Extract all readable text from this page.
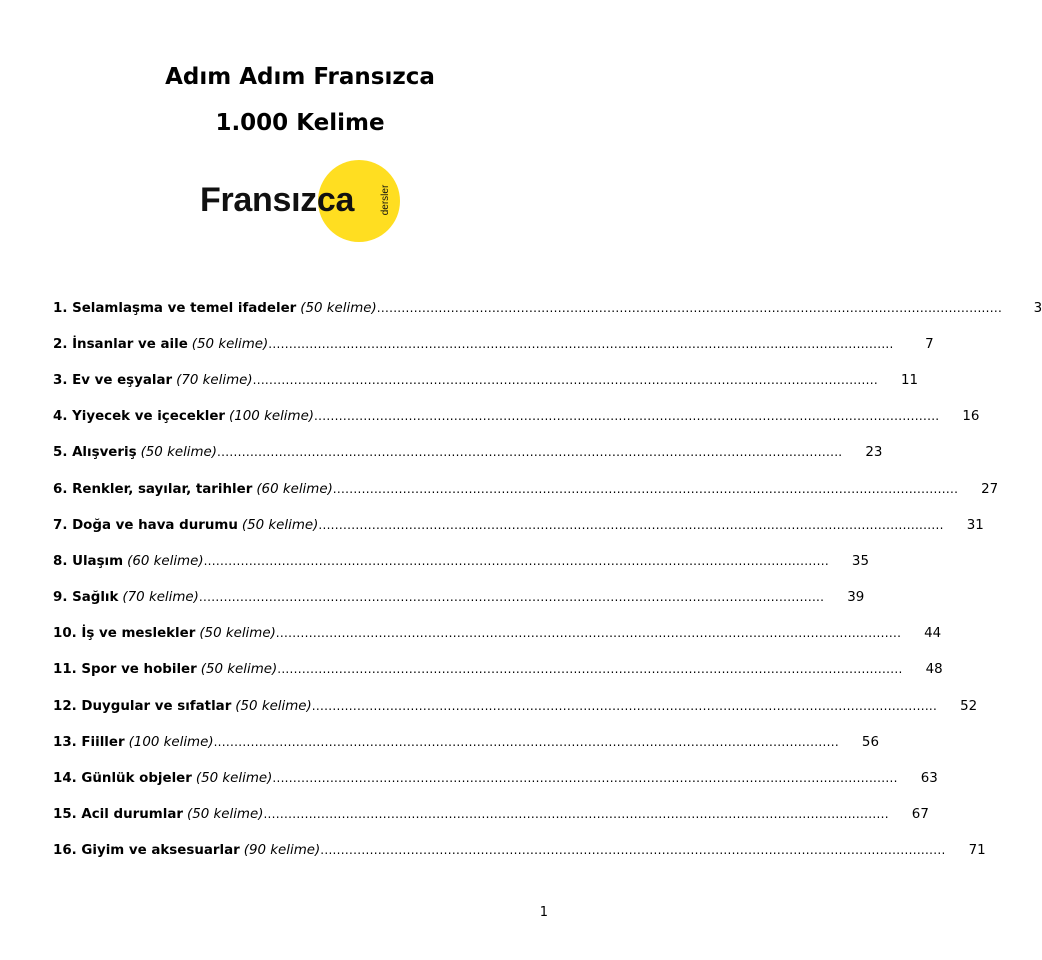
Adım Adım Fransızca
1.000 Kelime
Fransızca	dersler
1. Selamlaşma ve temel ifadeler (50 kelime) ........................................................................................................................................................	3
2. İnsanlar ve aile (50 kelime) ........................................................................................................................................................	7
3. Ev ve eşyalar (70 kelime) ........................................................................................................................................................	11
4. Yiyecek ve içecekler (100 kelime) ........................................................................................................................................................	16
5. Alışveriş (50 kelime) ........................................................................................................................................................	23
6. Renkler, sayılar, tarihler (60 kelime) ........................................................................................................................................................	27
7. Doğa ve hava durumu (50 kelime) ........................................................................................................................................................	31
8. Ulaşım (60 kelime) ........................................................................................................................................................	35
9. Sağlık (70 kelime) ........................................................................................................................................................	39
10. İş ve meslekler (50 kelime) ........................................................................................................................................................	44
11. Spor ve hobiler (50 kelime) ........................................................................................................................................................	48
12. Duygular ve sıfatlar (50 kelime) ........................................................................................................................................................	52
13. Fiiller (100 kelime) ........................................................................................................................................................	56
14. Günlük objeler (50 kelime) ........................................................................................................................................................	63
15. Acil durumlar (50 kelime) ........................................................................................................................................................	67
16. Giyim ve aksesuarlar (90 kelime) ........................................................................................................................................................	71
1
